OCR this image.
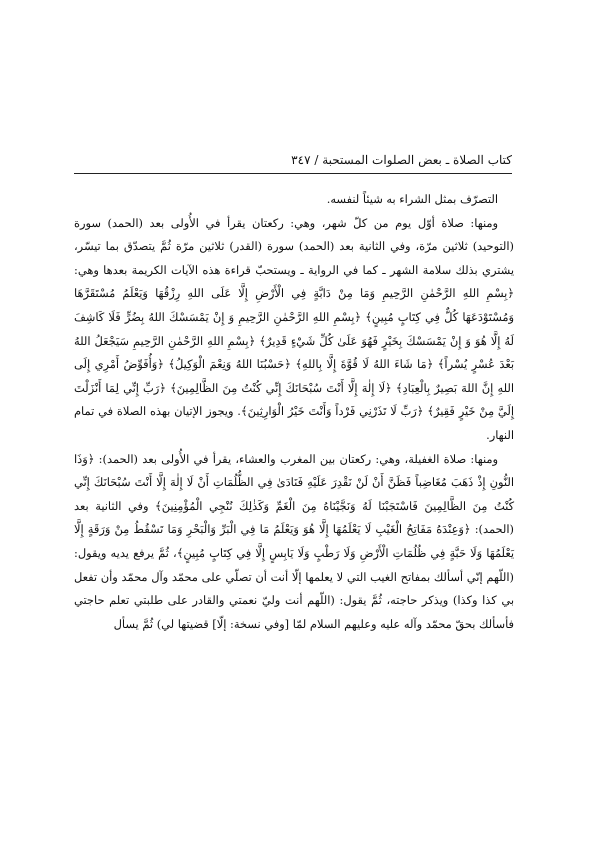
كتاب الصلاة ـ بعض الصلوات المستحبة / ٣٤٧

التصرّف بمثل الشراء به شيئاً لنفسه.

ومنها: صلاة أوّل يوم من كلّ شهر، وهي: ركعتان يقرأ في الأُولى بعد (الحمد) سورة (التوحيد) ثلاثين مرّة، وفي الثانية بعد (الحمد) سورة (القدر) ثلاثين مرّة ثُمَّ يتصدّق بما تيسّر، يشتري بذلك سلامة الشهر ـ كما في الرواية ـ ويستحبّ قراءة هذه الآيات الكريمة بعدها وهي: ﴿بِسْمِ اللهِ الرَّحْمٰنِ الرَّحِيمِ وَمَا مِنْ دَابَّةٍ فِي الْأَرْضِ إِلَّا عَلَى اللهِ رِزْقُهَا وَيَعْلَمُ مُسْتَقَرَّهَا وَمُسْتَوْدَعَهَا كُلٌّ فِي كِتَابٍ مُبِينٍ﴾ ﴿بِسْمِ اللهِ الرَّحْمٰنِ الرَّحِيمِ وَ إِنْ يَمْسَسْكَ اللهُ بِضُرٍّ فَلَا كَاشِفَ لَهُ إِلَّا هُوَ وَ إِنْ يَمْسَسْكَ بِخَيْرٍ فَهُوَ عَلَىٰ كُلِّ شَيْءٍ قَدِيرٌ﴾ ﴿بِسْمِ اللهِ الرَّحْمٰنِ الرَّحِيمِ سَيَجْعَلُ اللهُ بَعْدَ عُسْرٍ يُسْراً﴾ ﴿مَا شَاءَ اللهُ لَا قُوَّةَ إِلَّا بِاللهِ﴾ ﴿حَسْبُنَا اللهُ وَنِعْمَ الْوَكِيلُ﴾ ﴿وَأُفَوِّضُ أَمْرِي إِلَى اللهِ إِنَّ اللهَ بَصِيرٌ بِالْعِبَادِ﴾ ﴿لَا إِلٰهَ إِلَّا أَنْتَ سُبْحَانَكَ إِنِّي كُنْتُ مِنَ الظَّالِمِينَ﴾ ﴿رَبِّ إِنِّي لِمَا أَنْزَلْتَ إِلَيَّ مِنْ خَيْرٍ فَقِيرٌ﴾ ﴿رَبِّ لَا تَذَرْنِي فَرْداً وَأَنْتَ خَيْرُ الْوَارِثِينَ﴾. ويجوز الإتيان بهذه الصلاة في تمام النهار.

ومنها: صلاة الغفيلة، وهي: ركعتان بين المغرب والعشاء، يقرأ في الأُولى بعد (الحمد): ﴿وَذَا النُّونِ إِذْ ذَهَبَ مُغَاضِباً فَظَنَّ أَنْ لَنْ نَقْدِرَ عَلَيْهِ فَنَادَىٰ فِي الظُّلُمَاتِ أَنْ لَا إِلٰهَ إِلَّا أَنْتَ سُبْحَانَكَ إِنِّي كُنْتُ مِنَ الظَّالِمِينَ فَاسْتَجَبْنَا لَهُ وَنَجَّيْنَاهُ مِنَ الْغَمِّ وَكَذٰلِكَ نُنْجِي الْمُؤْمِنِينَ﴾ وفي الثانية بعد (الحمد): ﴿وَعِنْدَهُ مَفَاتِحُ الْغَيْبِ لَا يَعْلَمُهَا إِلَّا هُوَ وَيَعْلَمُ مَا فِي الْبَرِّ وَالْبَحْرِ وَمَا تَسْقُطُ مِنْ وَرَقَةٍ إِلَّا يَعْلَمُهَا وَلَا حَبَّةٍ فِي ظُلُمَاتِ الْأَرْضِ وَلَا رَطْبٍ وَلَا يَابِسٍ إِلَّا فِي كِتَابٍ مُبِينٍ﴾، ثُمَّ يرفع يديه ويقول: (اللّهم إنّي أسألك بمفاتح الغيب التي لا يعلمها إلّا أنت أن تصلّي على محمّد وآل محمّد وأن تفعل بي كذا وكذا) ويذكر حاجته، ثُمَّ يقول: (اللّهم أنت وليّ نعمتي والقادر على طلبتي تعلم حاجتي فأسألك بحقّ محمّد وآله عليه وعليهم السلام لمّا [وفي نسخة: إلّا] قضيتها لي) ثُمَّ يسأل
